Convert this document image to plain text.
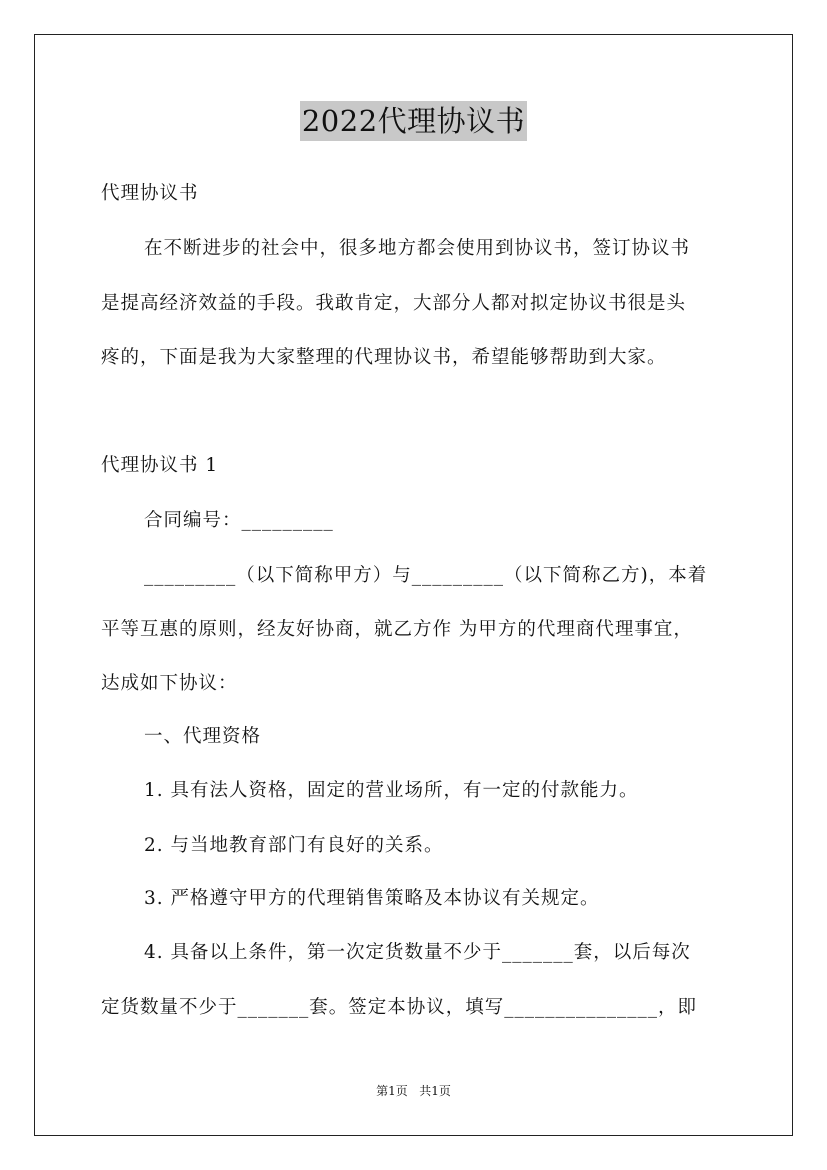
2022代理协议书
代理协议书
在不断进步的社会中，很多地方都会使用到协议书，签订协议书
是提高经济效益的手段。我敢肯定，大部分人都对拟定协议书很是头
疼的，下面是我为大家整理的代理协议书，希望能够帮助到大家。
代理协议书 1
合同编号：_________
_________（以下简称甲方）与_________（以下简称乙方)，本着
平等互惠的原则，经友好协商，就乙方作 为甲方的代理商代理事宜，
达成如下协议：
一、代理资格
1. 具有法人资格，固定的营业场所，有一定的付款能力。
2. 与当地教育部门有良好的关系。
3. 严格遵守甲方的代理销售策略及本协议有关规定。
4. 具备以上条件，第一次定货数量不少于_______套，以后每次
定货数量不少于_______套。签定本协议，填写_______________，即
第1页 共1页
